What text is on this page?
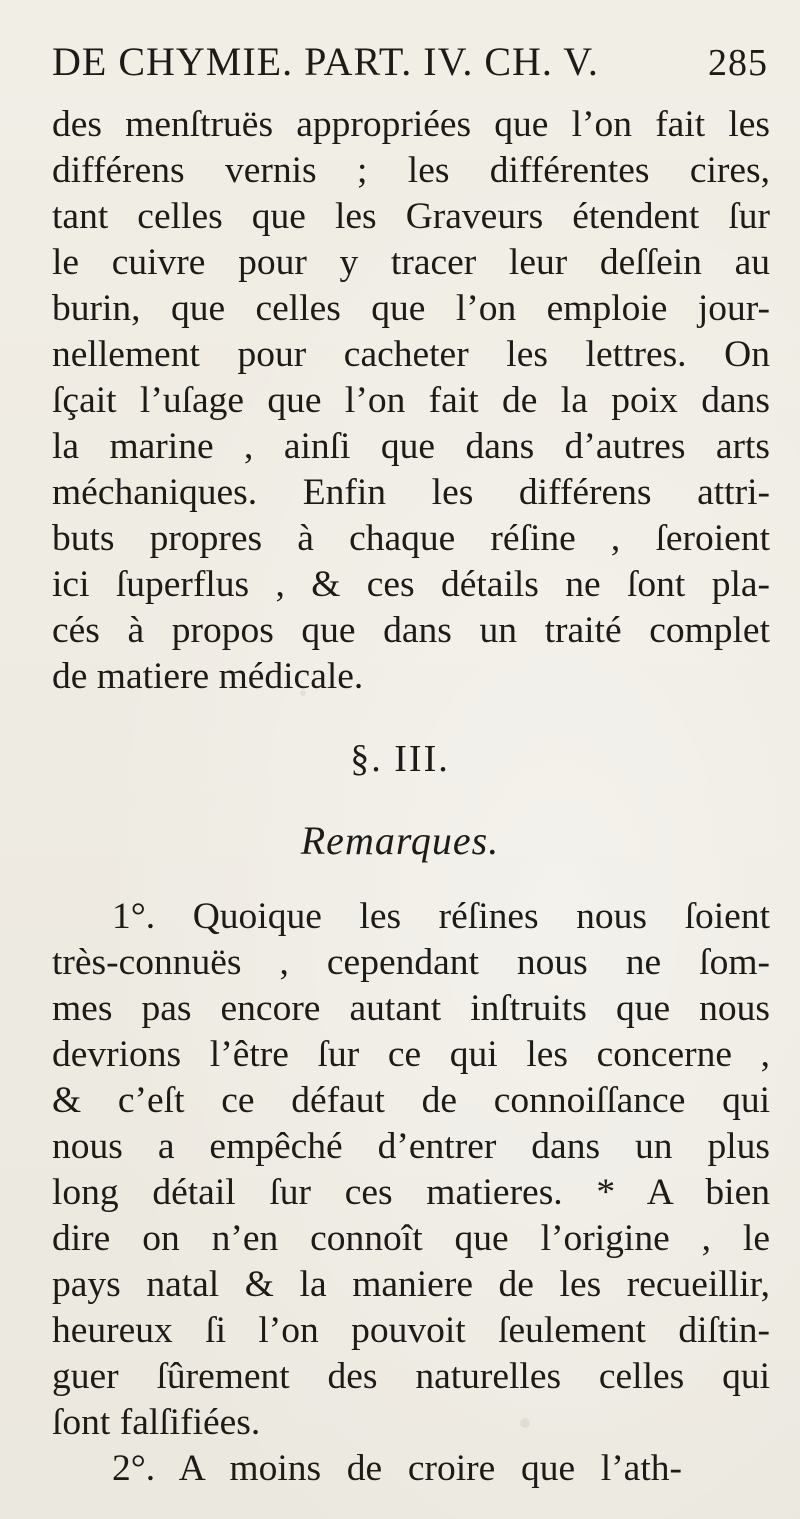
DE CHYMIE. PART. IV. CH. V.	285
des menſtruës appropriées que l’on fait les
différens vernis ; les différentes cires,
tant celles que les Graveurs étendent ſur
le cuivre pour y tracer leur deſſein au
burin, que celles que l’on emploie jour-
nellement pour cacheter les lettres. On
ſçait l’uſage que l’on fait de la poix dans
la marine , ainſi que dans d’autres arts
méchaniques. Enfin les différens attri-
buts propres à chaque réſine , ſeroient
ici ſuperflus , & ces détails ne ſont pla-
cés à propos que dans un traité complet
de matiere médicale.
§. III.
Remarques.
1°. Quoique les réſines nous ſoient
très-connuës , cependant nous ne ſom-
mes pas encore autant inſtruits que nous
devrions l’être ſur ce qui les concerne ,
& c’eſt ce défaut de connoiſſance qui
nous a empêché d’entrer dans un plus
long détail ſur ces matieres. * A bien
dire on n’en connoît que l’origine , le
pays natal & la maniere de les recueillir,
heureux ſi l’on pouvoit ſeulement diſtin-
guer ſûrement des naturelles celles qui
ſont falſifiées.
2°. A moins de croire que l’ath-
